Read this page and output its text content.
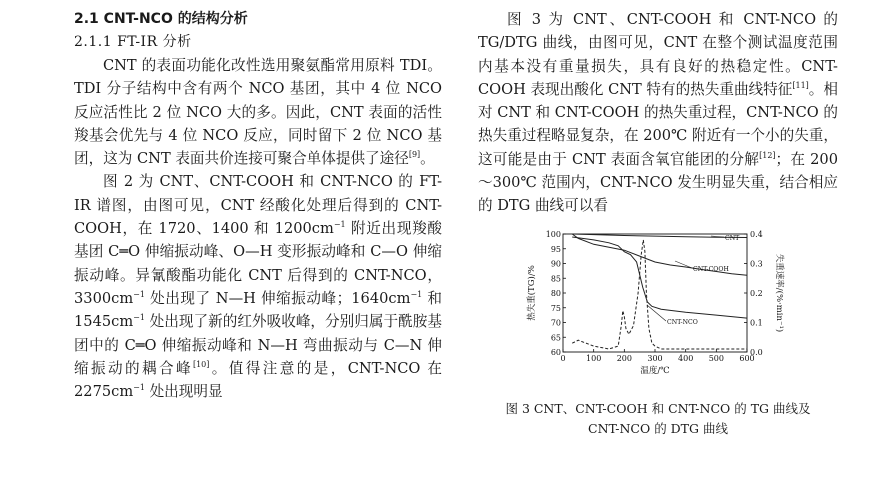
2.1 CNT-NCO 的结构分析
2.1.1 FT-IR 分析

CNT 的表面功能化改性选用聚氨酯常用原料 TDI。TDI 分子结构中含有两个 NCO 基团，其中 4 位 NCO 反应活性比 2 位 NCO 大的多。因此，CNT 表面的活性羧基会优先与 4 位 NCO 反应，同时留下 2 位 NCO 基团，这为 CNT 表面共价连接可聚合单体提供了途径[9]。

图 2 为 CNT、CNT-COOH 和 CNT-NCO 的 FT-IR 谱图，由图可见，CNT 经酸化处理后得到的 CNT-COOH，在 1720、1400 和 $1200cm^{-1}$ 附近出现羧酸基团 C═O 伸缩振动峰、O—H 变形振动峰和 C—O 伸缩振动峰。异氰酸酯功能化 CNT 后得到的 CNT-NCO，$3300cm^{-1}$ 处出现了 N—H 伸缩振动峰；$1640cm^{-1}$ 和 $1545cm^{-1}$ 处出现了新的红外吸收峰，分别归属于酰胺基团中的 C═O 伸缩振动峰和 N—H 弯曲振动与 C—N 伸缩振动的耦合峰[10]。值得注意的是，CNT-NCO 在 $2275cm^{-1}$ 处出现明显

图 3 为 CNT、CNT-COOH 和 CNT-NCO 的 TG/DTG 曲线，由图可见，CNT 在整个测试温度范围内基本没有重量损失，具有良好的热稳定性。CNT-COOH 表现出酸化 CNT 特有的热失重曲线特征[11]。相对 CNT 和 CNT-COOH 的热失重过程，CNT-NCO 的热失重过程略显复杂，在 200℃ 附近有一个小的失重，这可能是由于 CNT 表面含氧官能团的分解[12]；在 200～300℃ 范围内，CNT-NCO 发生明显失重，结合相应的 DTG 曲线可以看

0	100 200 300 400 500 600
60
65
70
75
80
85
90
95
100
0.0
0.1
0.2
0.3
0.4
CNT
CNT-COOH
CNT-NCO
温度/℃
热失重(TG)/%	失重速率/(%·min⁻¹)
图 3 CNT、CNT-COOH 和 CNT-NCO 的 TG 曲线及
CNT-NCO 的 DTG 曲线
